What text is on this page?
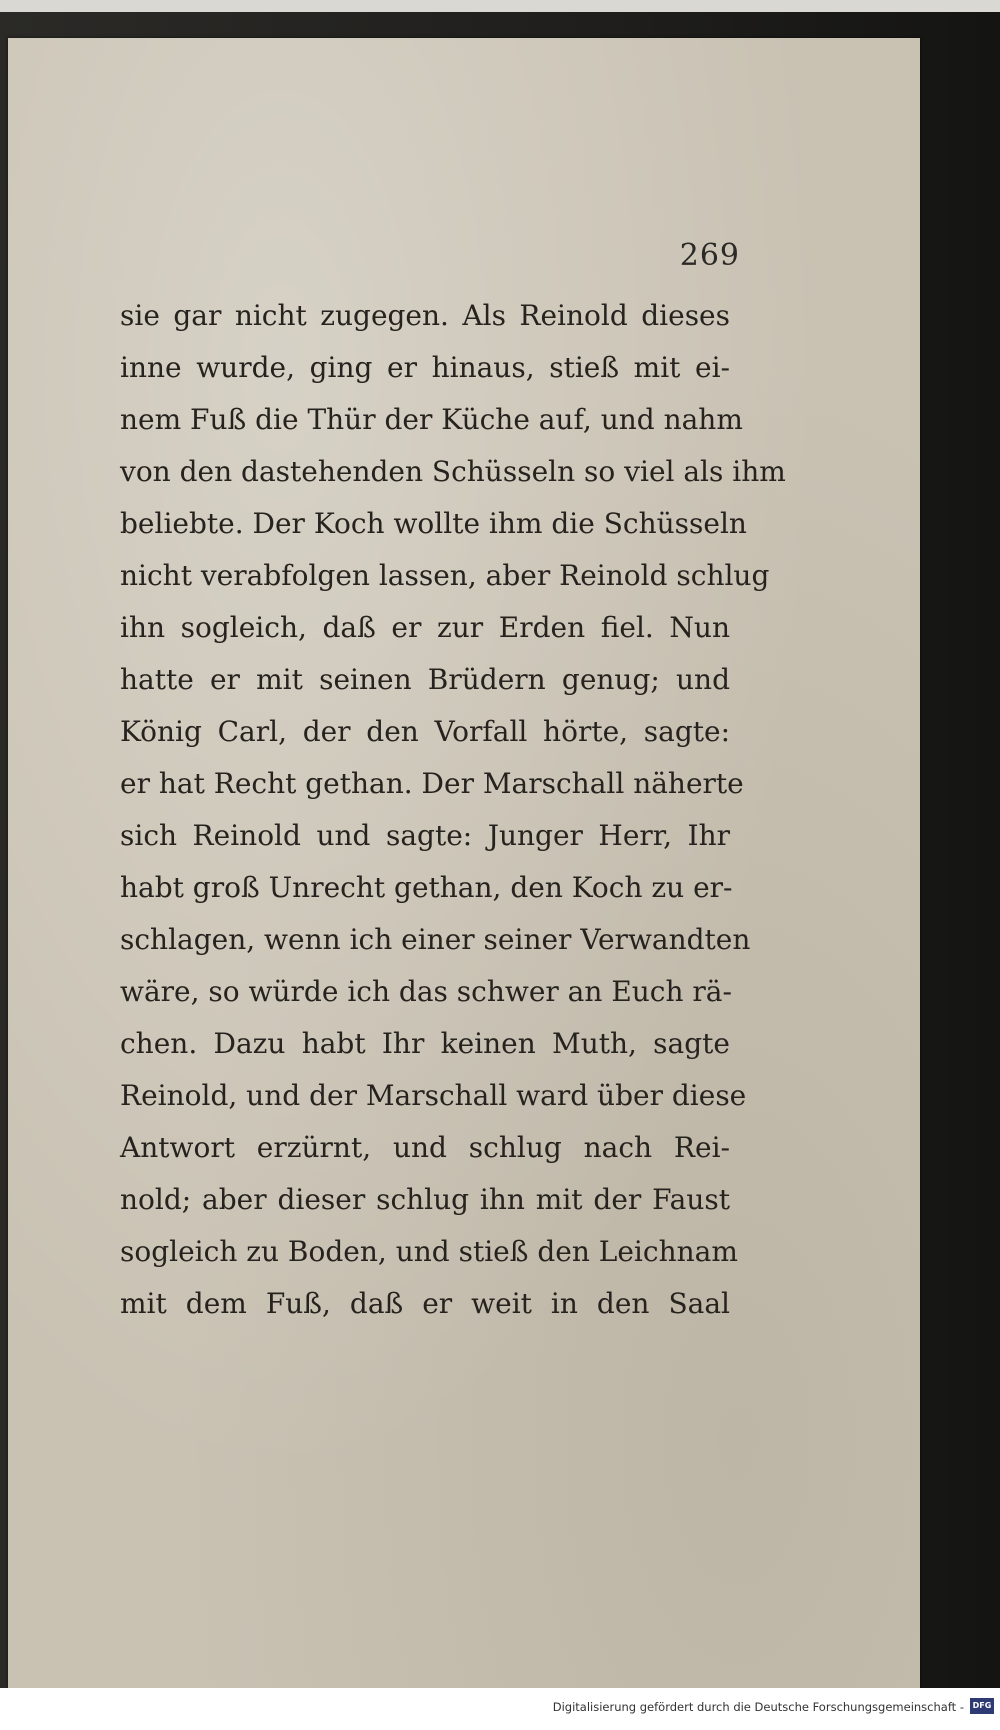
269
sie gar nicht zugegen. Als Reinold dieses
inne wurde, ging er hinaus, stieß mit ei-
nem Fuß die Thür der Küche auf, und nahm
von den dastehenden Schüsseln so viel als ihm
beliebte. Der Koch wollte ihm die Schüsseln
nicht verabfolgen lassen, aber Reinold schlug
ihn sogleich, daß er zur Erden fiel. Nun
hatte er mit seinen Brüdern genug; und
König Carl, der den Vorfall hörte, sagte:
er hat Recht gethan. Der Marschall näherte
sich Reinold und sagte: Junger Herr, Ihr
habt groß Unrecht gethan, den Koch zu er-
schlagen, wenn ich einer seiner Verwandten
wäre, so würde ich das schwer an Euch rä-
chen. Dazu habt Ihr keinen Muth, sagte
Reinold, und der Marschall ward über diese
Antwort erzürnt, und schlug nach Rei-
nold; aber dieser schlug ihn mit der Faust
sogleich zu Boden, und stieß den Leichnam
mit dem Fuß, daß er weit in den Saal
Digitalisierung gefördert durch die Deutsche Forschungsgemeinschaft -	DFG
